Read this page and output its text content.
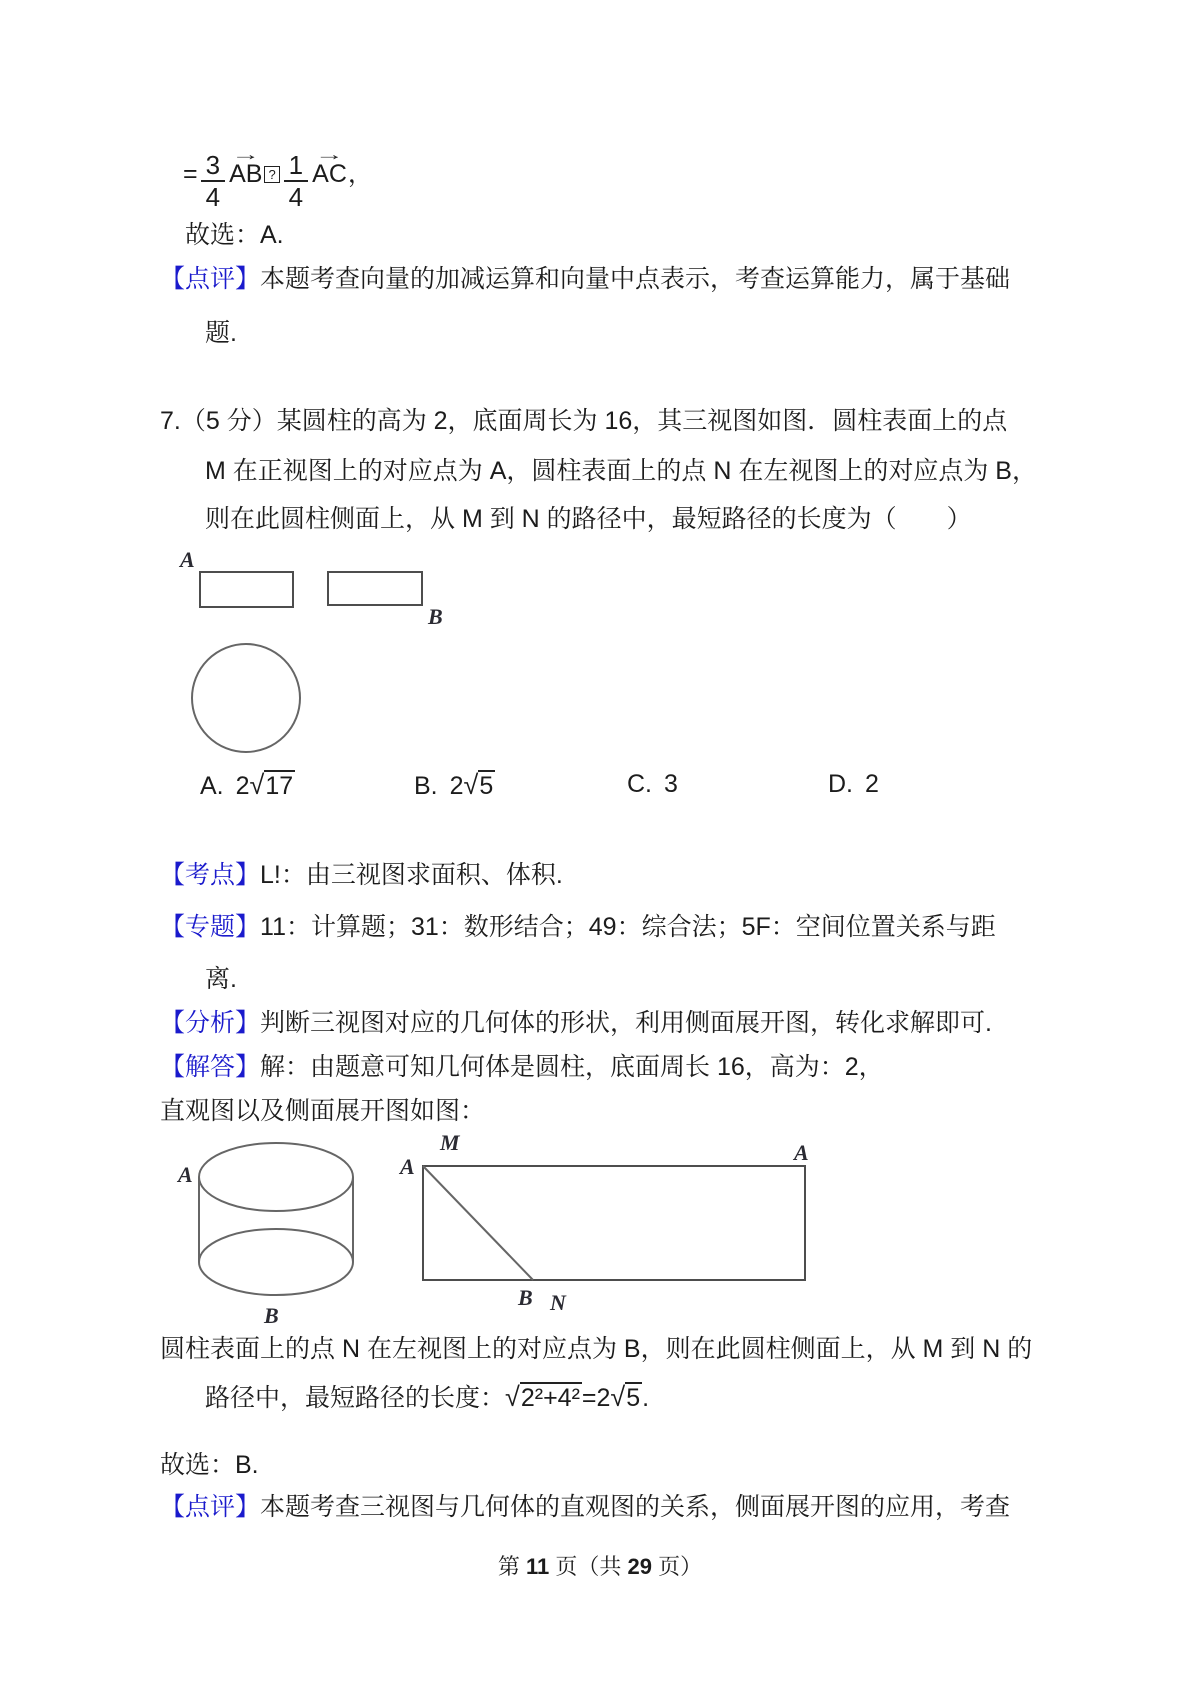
= $\frac{3}{4}$ →
AB ? $\frac{1}{4}$ →
AC ，
故选：A.
【点评】本题考查向量的加减运算和向量中点表示，考查运算能力，属于基础
题.
7.（5 分）某圆柱的高为 2，底面周长为 16，其三视图如图．圆柱表面上的点
M 在正视图上的对应点为 A，圆柱表面上的点 N 在左视图上的对应点为 B，
则在此圆柱侧面上，从 M 到 N 的路径中，最短路径的长度为（　　）
A
B
A. 2√17	B. 2√5	C. 3	D. 2
【考点】L!：由三视图求面积、体积.
【专题】11：计算题；31：数形结合；49：综合法；5F：空间位置关系与距
离.
【分析】判断三视图对应的几何体的形状，利用侧面展开图，转化求解即可.
【解答】解：由题意可知几何体是圆柱，底面周长 16，高为：2，
直观图以及侧面展开图如图：
A
B
M
A
A
B N
圆柱表面上的点 N 在左视图上的对应点为 B，则在此圆柱侧面上，从 M 到 N 的
路径中，最短路径的长度：√2²+4²=2√5.
故选：B.
【点评】本题考查三视图与几何体的直观图的关系，侧面展开图的应用，考查
第 11 页（共 29 页）
